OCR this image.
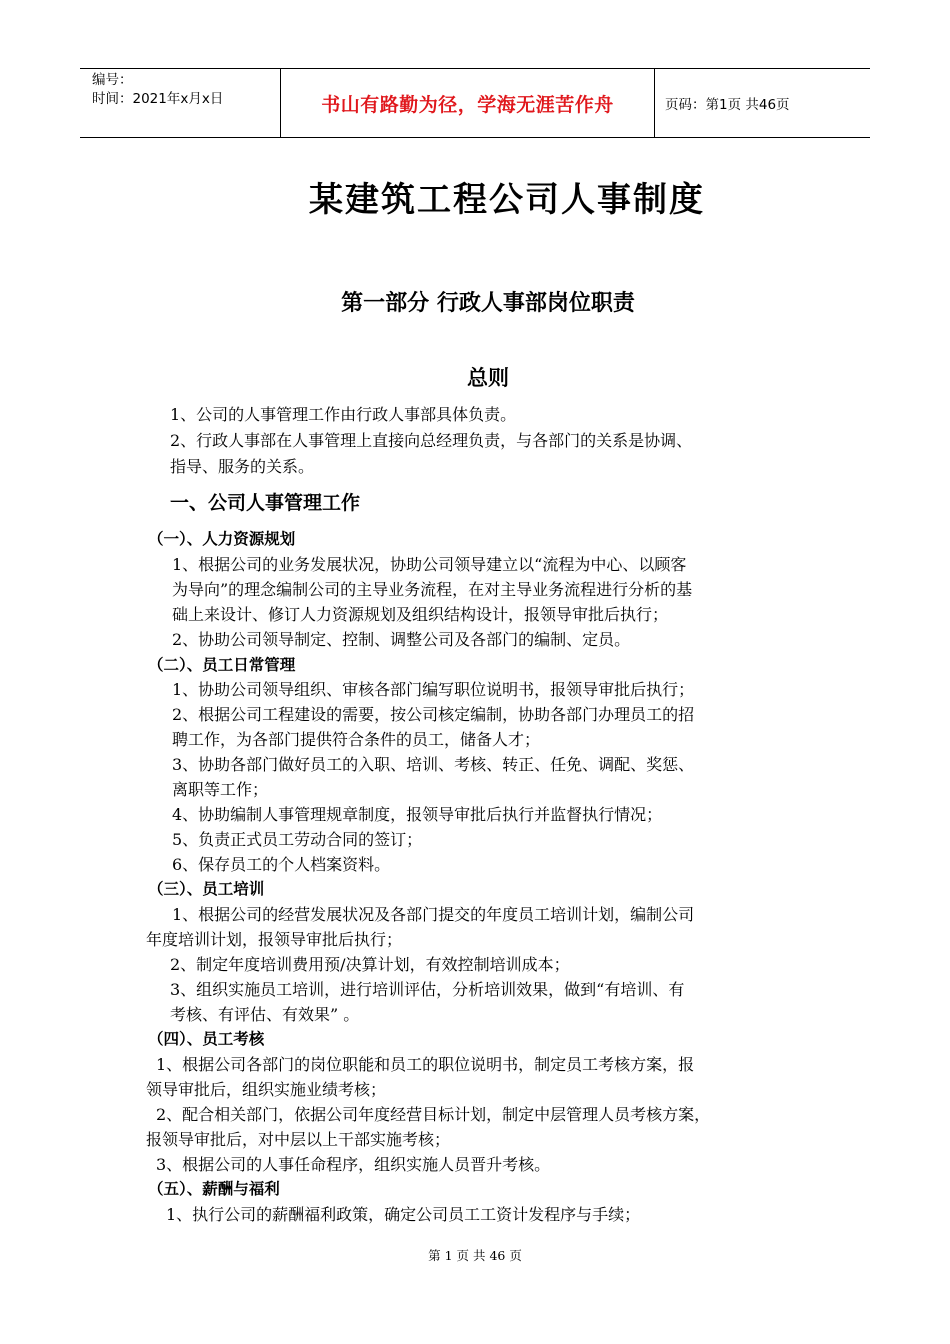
编号：
时间：2021年x月x日	书山有路勤为径，学海无涯苦作舟	页码：第1页 共46页
某建筑工程公司人事制度
第一部分 行政人事部岗位职责
总则
1、公司的人事管理工作由行政人事部具体负责。
2、行政人事部在人事管理上直接向总经理负责，与各部门的关系是协调、
指导、服务的关系。
一、公司人事管理工作
（一）、人力资源规划
1、根据公司的业务发展状况，协助公司领导建立以“流程为中心、以顾客
为导向”的理念编制公司的主导业务流程，在对主导业务流程进行分析的基
础上来设计、修订人力资源规划及组织结构设计，报领导审批后执行；
2、协助公司领导制定、控制、调整公司及各部门的编制、定员。
（二）、员工日常管理
1、协助公司领导组织、审核各部门编写职位说明书，报领导审批后执行；
2、根据公司工程建设的需要，按公司核定编制，协助各部门办理员工的招
聘工作，为各部门提供符合条件的员工，储备人才；
3、协助各部门做好员工的入职、培训、考核、转正、任免、调配、奖惩、
离职等工作；
4、协助编制人事管理规章制度，报领导审批后执行并监督执行情况；
5、负责正式员工劳动合同的签订；
6、保存员工的个人档案资料。
（三）、员工培训
1、根据公司的经营发展状况及各部门提交的年度员工培训计划，编制公司
年度培训计划，报领导审批后执行；
2、制定年度培训费用预/决算计划，有效控制培训成本；
3、组织实施员工培训，进行培训评估，分析培训效果，做到“有培训、有
考核、有评估、有效果” 。
（四）、员工考核
1、根据公司各部门的岗位职能和员工的职位说明书，制定员工考核方案，报
领导审批后，组织实施业绩考核；
2、配合相关部门，依据公司年度经营目标计划，制定中层管理人员考核方案，
报领导审批后，对中层以上干部实施考核；
3、根据公司的人事任命程序，组织实施人员晋升考核。
（五）、薪酬与福利
1、执行公司的薪酬福利政策，确定公司员工工资计发程序与手续；
第 1 页 共 46 页
